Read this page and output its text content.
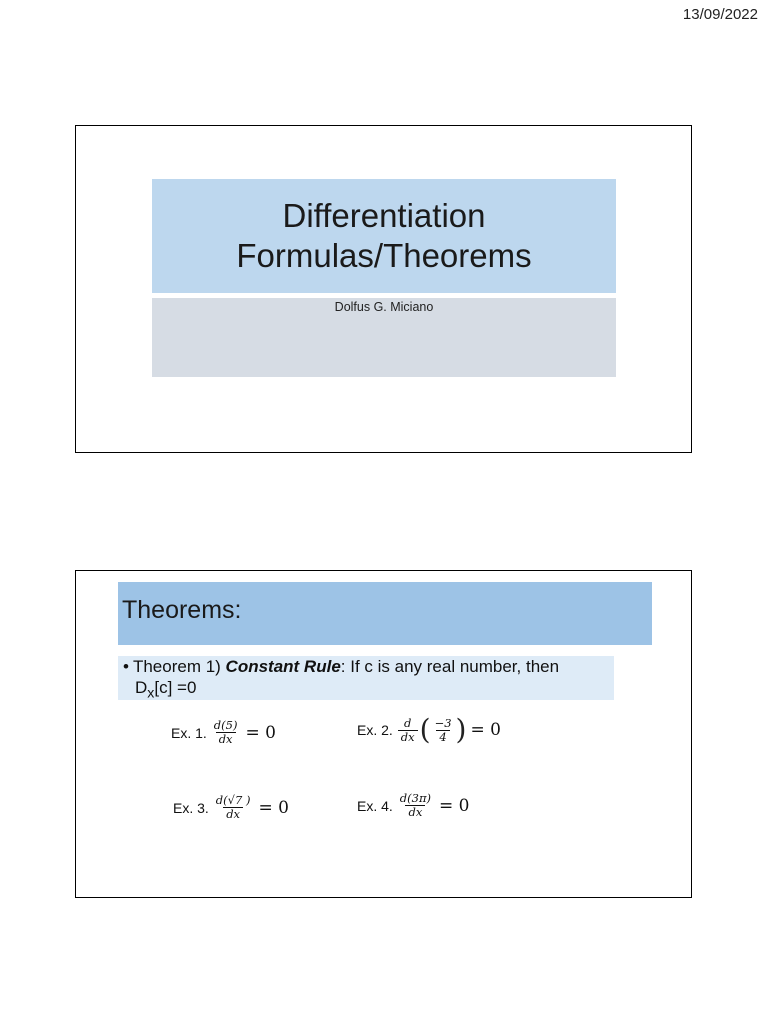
13/09/2022
Differentiation
Formulas/Theorems
Dolfus G. Miciano
Theorems:
• Theorem 1) Constant Rule: If c is any real number, then
$D_x[c] =0$
Ex. 1. $\frac{d(5)}{dx} = 0$	Ex. 2. $\frac{d}{dx}$ ( $\frac{-3}{4}$ ) = 0
Ex. 3. $\frac{d(√7 )}{dx} = 0$	Ex. 4. $\frac{d(3\pi)}{dx} = 0$
